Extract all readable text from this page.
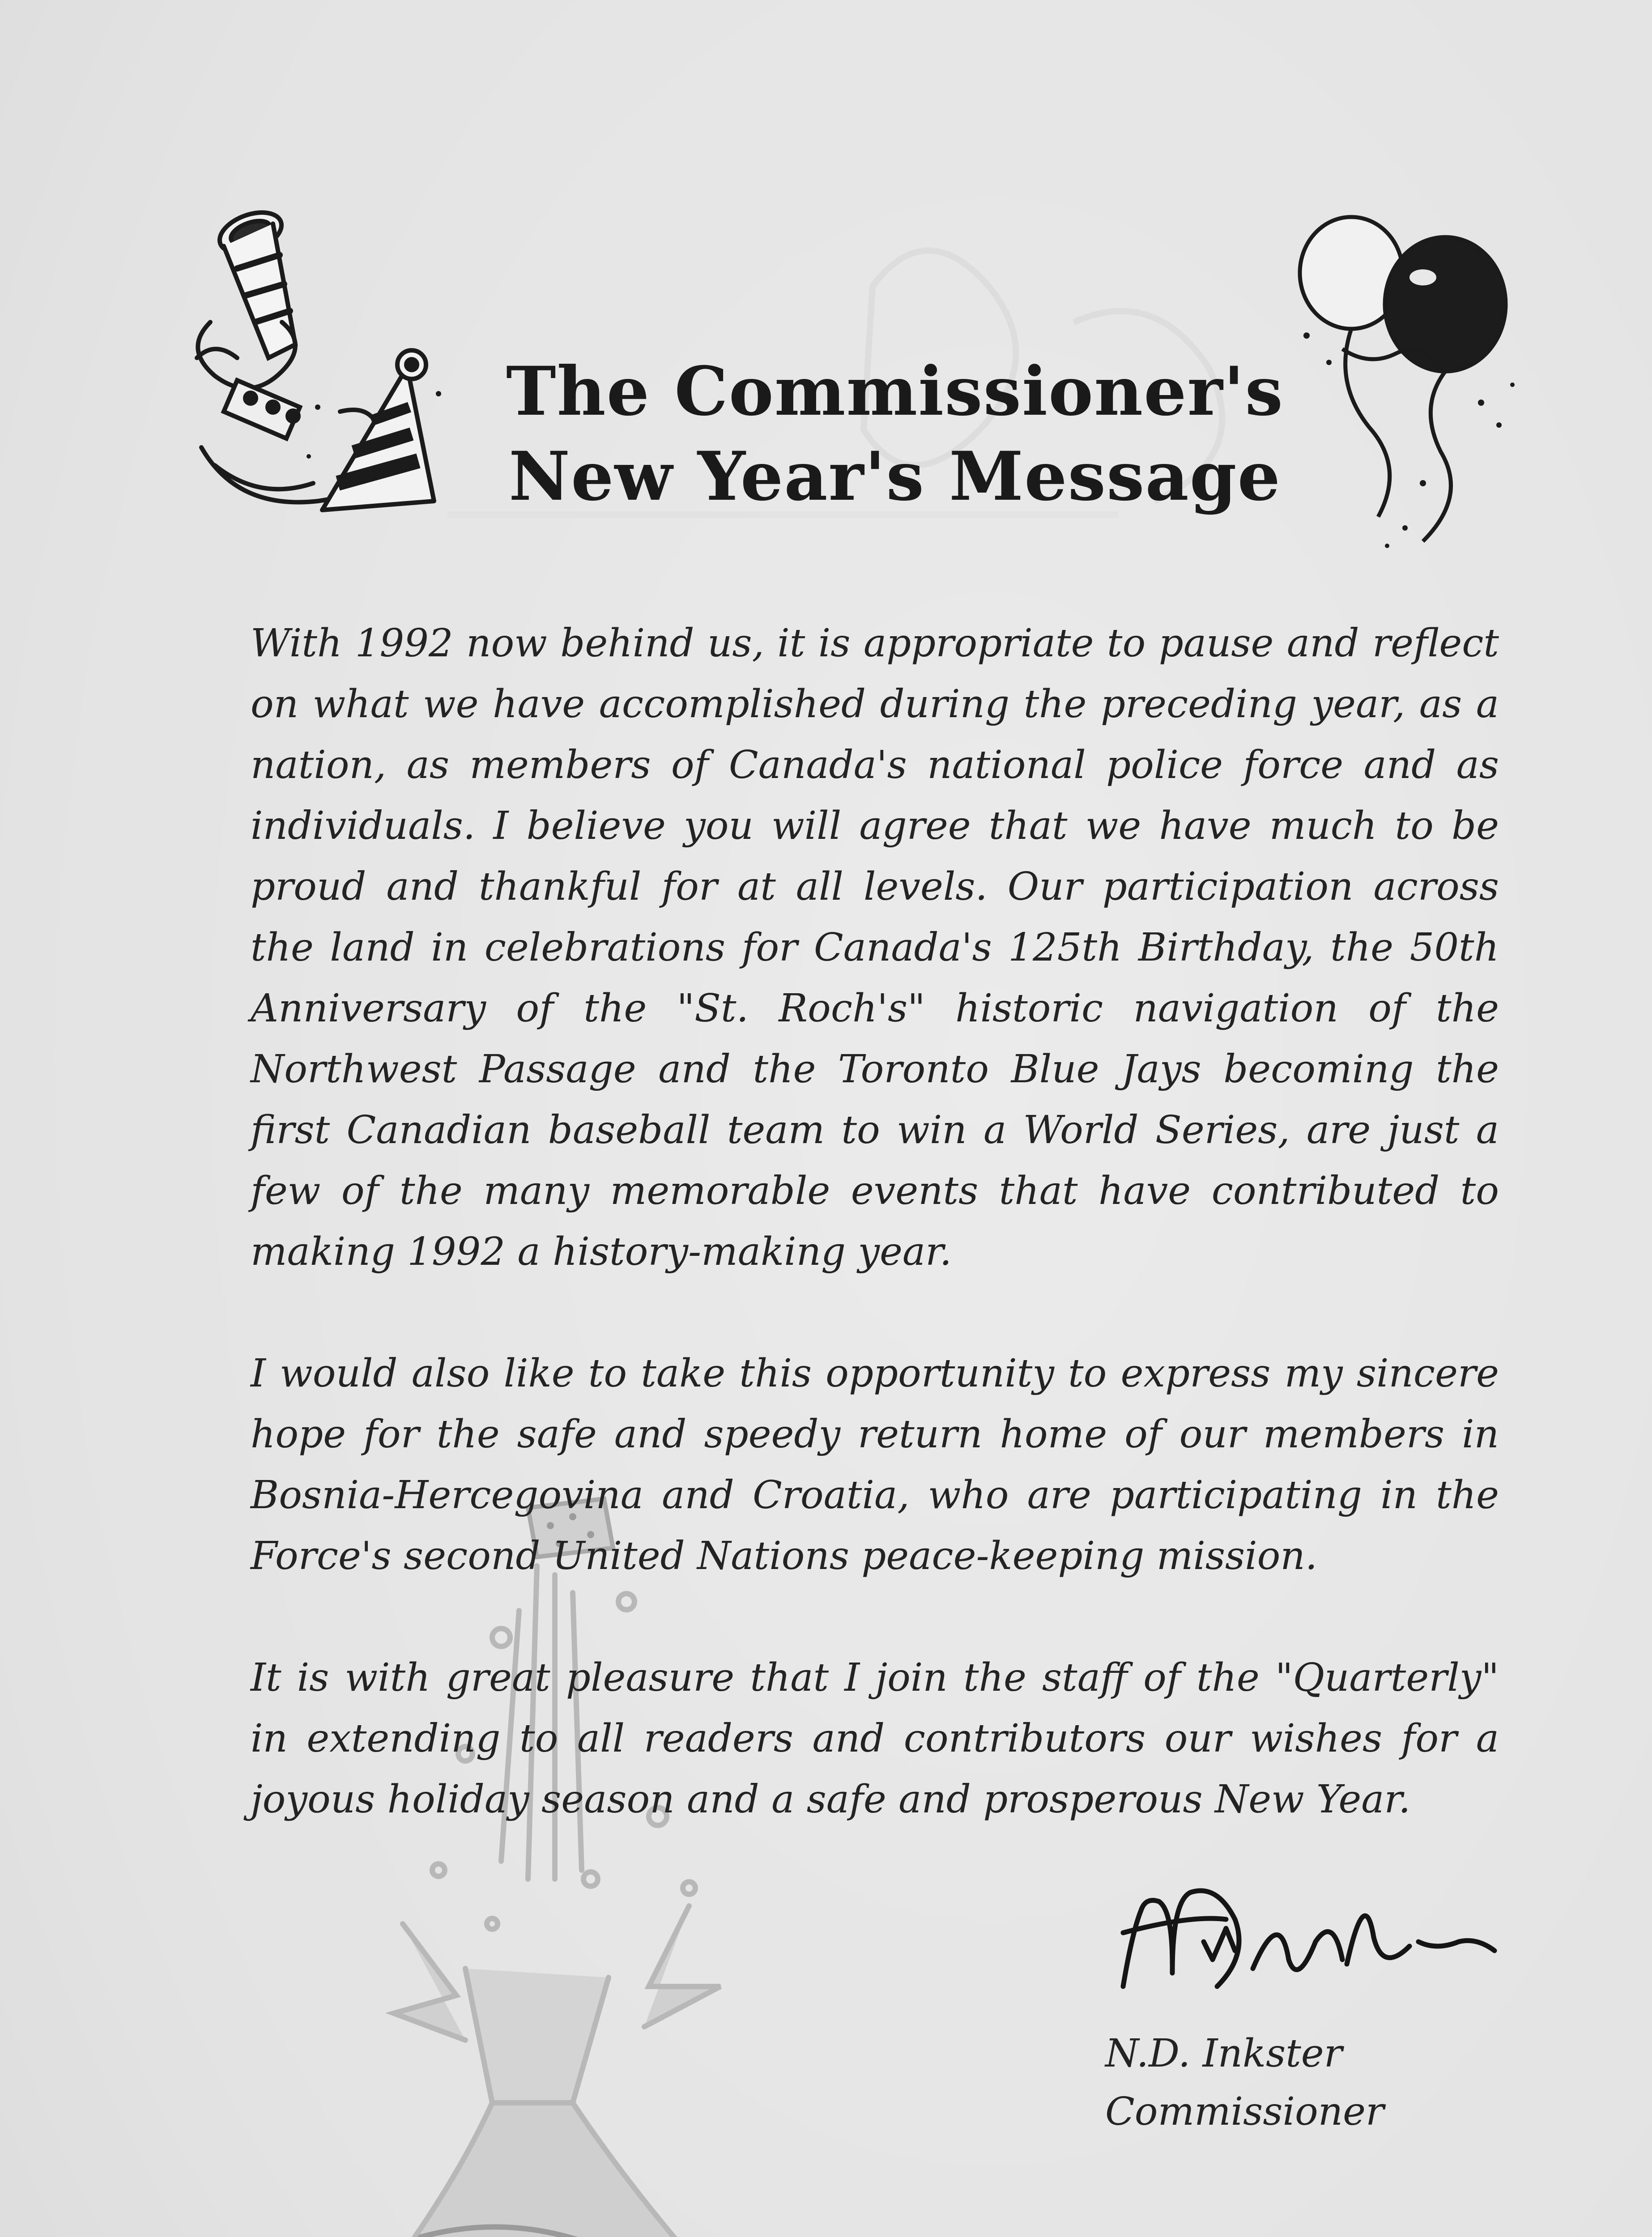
The Commissioner's
New Year's Message

With 1992 now behind us, it is appropriate to pause and reflect on what we have accomplished during the preceding year, as a nation, as members of Canada's national police force and as individuals. I believe you will agree that we have much to be proud and thankful for at all levels. Our participation across the land in celebrations for Canada's 125th Birthday, the 50th Anniversary of the "St. Roch's" historic navigation of the Northwest Passage and the Toronto Blue Jays becoming the first Canadian baseball team to win a World Series, are just a few of the many memorable events that have contributed to making 1992 a history-making year.

I would also like to take this opportunity to express my sincere hope for the safe and speedy return home of our members in Bosnia-Hercegovina and Croatia, who are participating in the Force's second United Nations peace-keeping mission.

It is with great pleasure that I join the staff of the "Quarterly" in extending to all readers and contributors our wishes for a joyous holiday season and a safe and prosperous New Year.

N.D. Inkster
Commissioner
